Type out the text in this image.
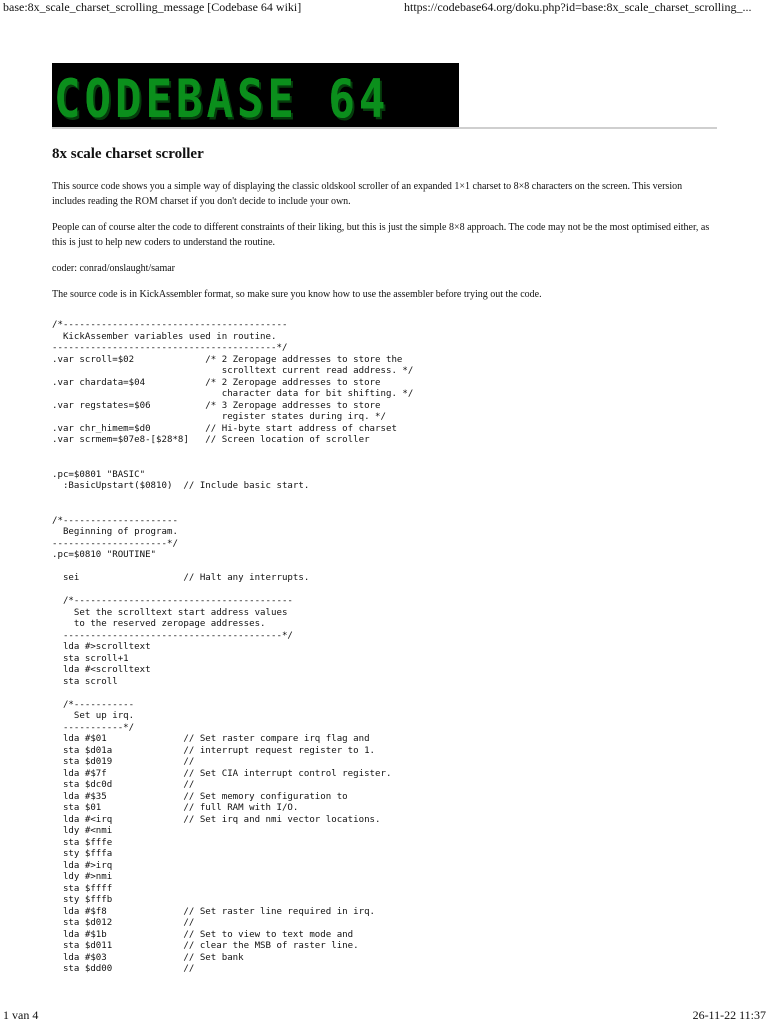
base:8x_scale_charset_scrolling_message [Codebase 64 wiki]	https://codebase64.org/doku.php?id=base:8x_scale_charset_scrolling_...
CODEBASE 64
8x scale charset scroller

This source code shows you a simple way of displaying the classic oldskool scroller of an expanded 1×1 charset to 8×8 characters on the screen. This version includes reading the ROM charset if you don't decide to include your own.

People can of course alter the code to different constraints of their liking, but this is just the simple 8×8 approach. The code may not be the most optimised either, as this is just to help new coders to understand the routine.

coder: conrad/onslaught/samar

The source code is in KickAssembler format, so make sure you know how to use the assembler before trying out the code.

/*-----------------------------------------
KickAssember variables used in routine.
-----------------------------------------*/
.var scroll=$02             /* 2 Zeropage addresses to store the
scrolltext current read address. */
.var chardata=$04           /* 2 Zeropage addresses to store
character data for bit shifting. */
.var regstates=$06          /* 3 Zeropage addresses to store
register states during irq. */
.var chr_himem=$d0          // Hi-byte start address of charset
.var scrmem=$07e8-[$28*8]   // Screen location of scroller

.pc=$0801 "BASIC"
:BasicUpstart($0810)  // Include basic start.

/*---------------------
Beginning of program.
---------------------*/
.pc=$0810 "ROUTINE"

sei                   // Halt any interrupts.

/*----------------------------------------
Set the scrolltext start address values
to the reserved zeropage addresses.
----------------------------------------*/
lda #>scrolltext
sta scroll+1
lda #<scrolltext
sta scroll

/*-----------
Set up irq.
-----------*/
lda #$01              // Set raster compare irq flag and
sta $d01a             // interrupt request register to 1.
sta $d019             //
lda #$7f              // Set CIA interrupt control register.
sta $dc0d             //
lda #$35              // Set memory configuration to
sta $01               // full RAM with I/O.
lda #<irq             // Set irq and nmi vector locations.
ldy #<nmi
sta $fffe
sty $fffa
lda #>irq
ldy #>nmi
sta $ffff
sty $fffb
lda #$f8              // Set raster line required in irq.
sta $d012             //
lda #$1b              // Set to view to text mode and
sta $d011             // clear the MSB of raster line.
lda #$03              // Set bank
sta $dd00             //
1 van 4	26-11-22 11:37
